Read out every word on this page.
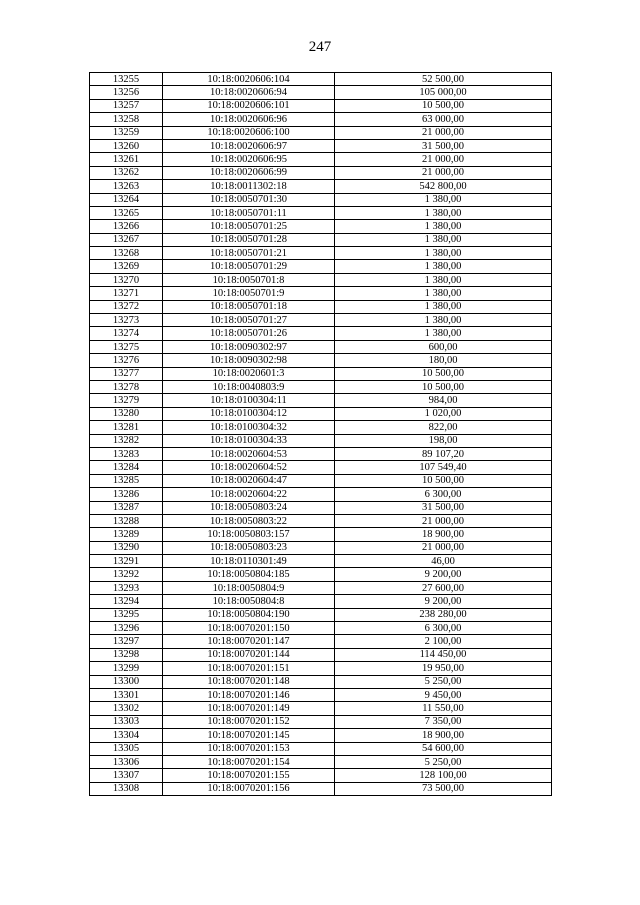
247
13255	10:18:0020606:104	52 500,00
13256	10:18:0020606:94	105 000,00
13257	10:18:0020606:101	10 500,00
13258	10:18:0020606:96	63 000,00
13259	10:18:0020606:100	21 000,00
13260	10:18:0020606:97	31 500,00
13261	10:18:0020606:95	21 000,00
13262	10:18:0020606:99	21 000,00
13263	10:18:0011302:18	542 800,00
13264	10:18:0050701:30	1 380,00
13265	10:18:0050701:11	1 380,00
13266	10:18:0050701:25	1 380,00
13267	10:18:0050701:28	1 380,00
13268	10:18:0050701:21	1 380,00
13269	10:18:0050701:29	1 380,00
13270	10:18:0050701:8	1 380,00
13271	10:18:0050701:9	1 380,00
13272	10:18:0050701:18	1 380,00
13273	10:18:0050701:27	1 380,00
13274	10:18:0050701:26	1 380,00
13275	10:18:0090302:97	600,00
13276	10:18:0090302:98	180,00
13277	10:18:0020601:3	10 500,00
13278	10:18:0040803:9	10 500,00
13279	10:18:0100304:11	984,00
13280	10:18:0100304:12	1 020,00
13281	10:18:0100304:32	822,00
13282	10:18:0100304:33	198,00
13283	10:18:0020604:53	89 107,20
13284	10:18:0020604:52	107 549,40
13285	10:18:0020604:47	10 500,00
13286	10:18:0020604:22	6 300,00
13287	10:18:0050803:24	31 500,00
13288	10:18:0050803:22	21 000,00
13289	10:18:0050803:157	18 900,00
13290	10:18:0050803:23	21 000,00
13291	10:18:0110301:49	46,00
13292	10:18:0050804:185	9 200,00
13293	10:18:0050804:9	27 600,00
13294	10:18:0050804:8	9 200,00
13295	10:18:0050804:190	238 280,00
13296	10:18:0070201:150	6 300,00
13297	10:18:0070201:147	2 100,00
13298	10:18:0070201:144	114 450,00
13299	10:18:0070201:151	19 950,00
13300	10:18:0070201:148	5 250,00
13301	10:18:0070201:146	9 450,00
13302	10:18:0070201:149	11 550,00
13303	10:18:0070201:152	7 350,00
13304	10:18:0070201:145	18 900,00
13305	10:18:0070201:153	54 600,00
13306	10:18:0070201:154	5 250,00
13307	10:18:0070201:155	128 100,00
13308	10:18:0070201:156	73 500,00
